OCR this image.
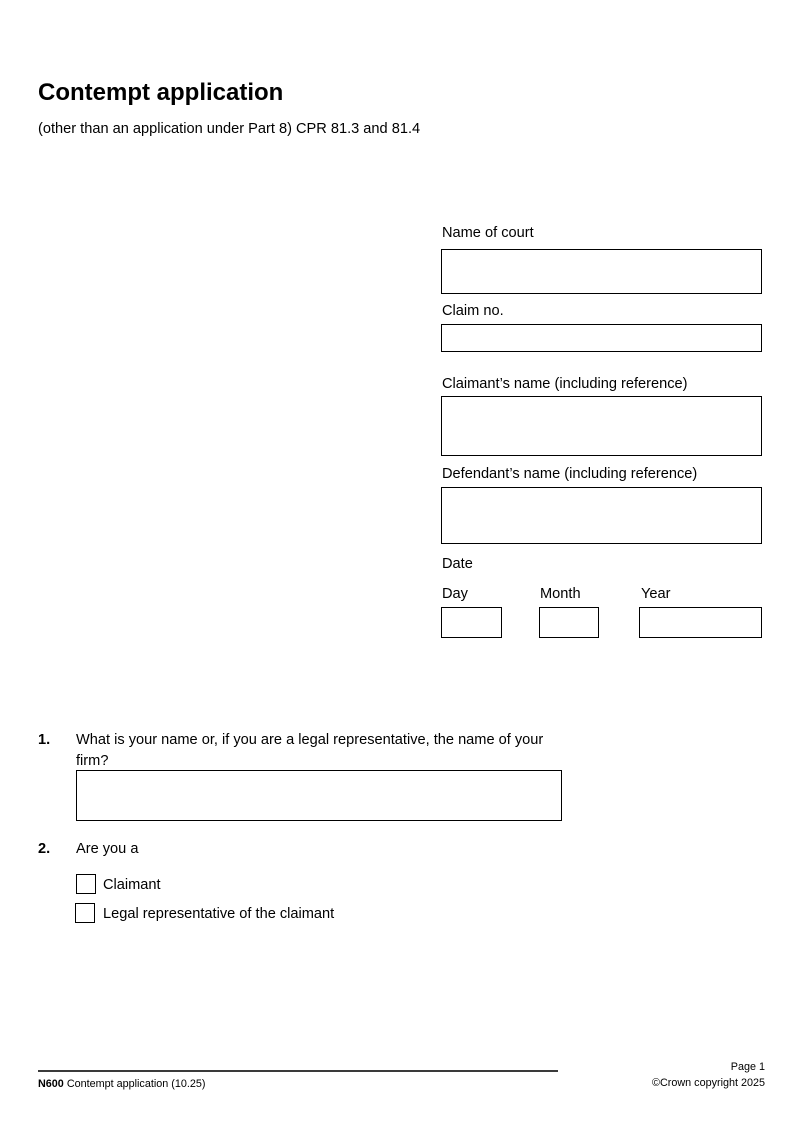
Contempt application
(other than an application under Part 8) CPR 81.3 and 81.4
Name of court
Claim no.
Claimant’s name (including reference)
Defendant’s name (including reference)
Date
Day	Month	Year
1. What is your name or, if you are a legal representative, the name of your firm?
2. Are you a
Claimant
Legal representative of the claimant
N600 Contempt application (10.25)
Page 1
©Crown copyright 2025
